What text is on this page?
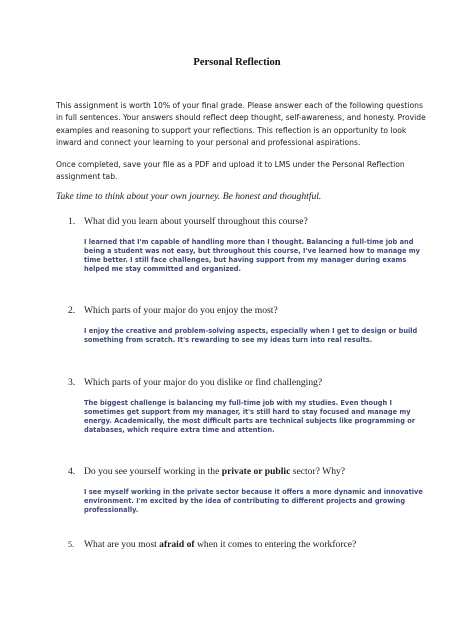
Personal Reflection
This assignment is worth 10% of your final grade. Please answer each of the following questions in full sentences. Your answers should reflect deep thought, self-awareness, and honesty. Provide examples and reasoning to support your reflections. This reflection is an opportunity to look inward and connect your learning to your personal and professional aspirations.
Once completed, save your file as a PDF and upload it to LMS under the Personal Reflection assignment tab.
Take time to think about your own journey. Be honest and thoughtful.
1. What did you learn about yourself throughout this course?
I learned that I'm capable of handling more than I thought. Balancing a full-time job and being a student was not easy, but throughout this course, I've learned how to manage my time better. I still face challenges, but having support from my manager during exams helped me stay committed and organized.
2. Which parts of your major do you enjoy the most?
I enjoy the creative and problem-solving aspects, especially when I get to design or build something from scratch. It's rewarding to see my ideas turn into real results.
3. Which parts of your major do you dislike or find challenging?
The biggest challenge is balancing my full-time job with my studies. Even though I sometimes get support from my manager, it's still hard to stay focused and manage my energy. Academically, the most difficult parts are technical subjects like programming or databases, which require extra time and attention.
4. Do you see yourself working in the private or public sector? Why?
I see myself working in the private sector because it offers a more dynamic and innovative environment. I'm excited by the idea of contributing to different projects and growing professionally.
5. What are you most afraid of when it comes to entering the workforce?
